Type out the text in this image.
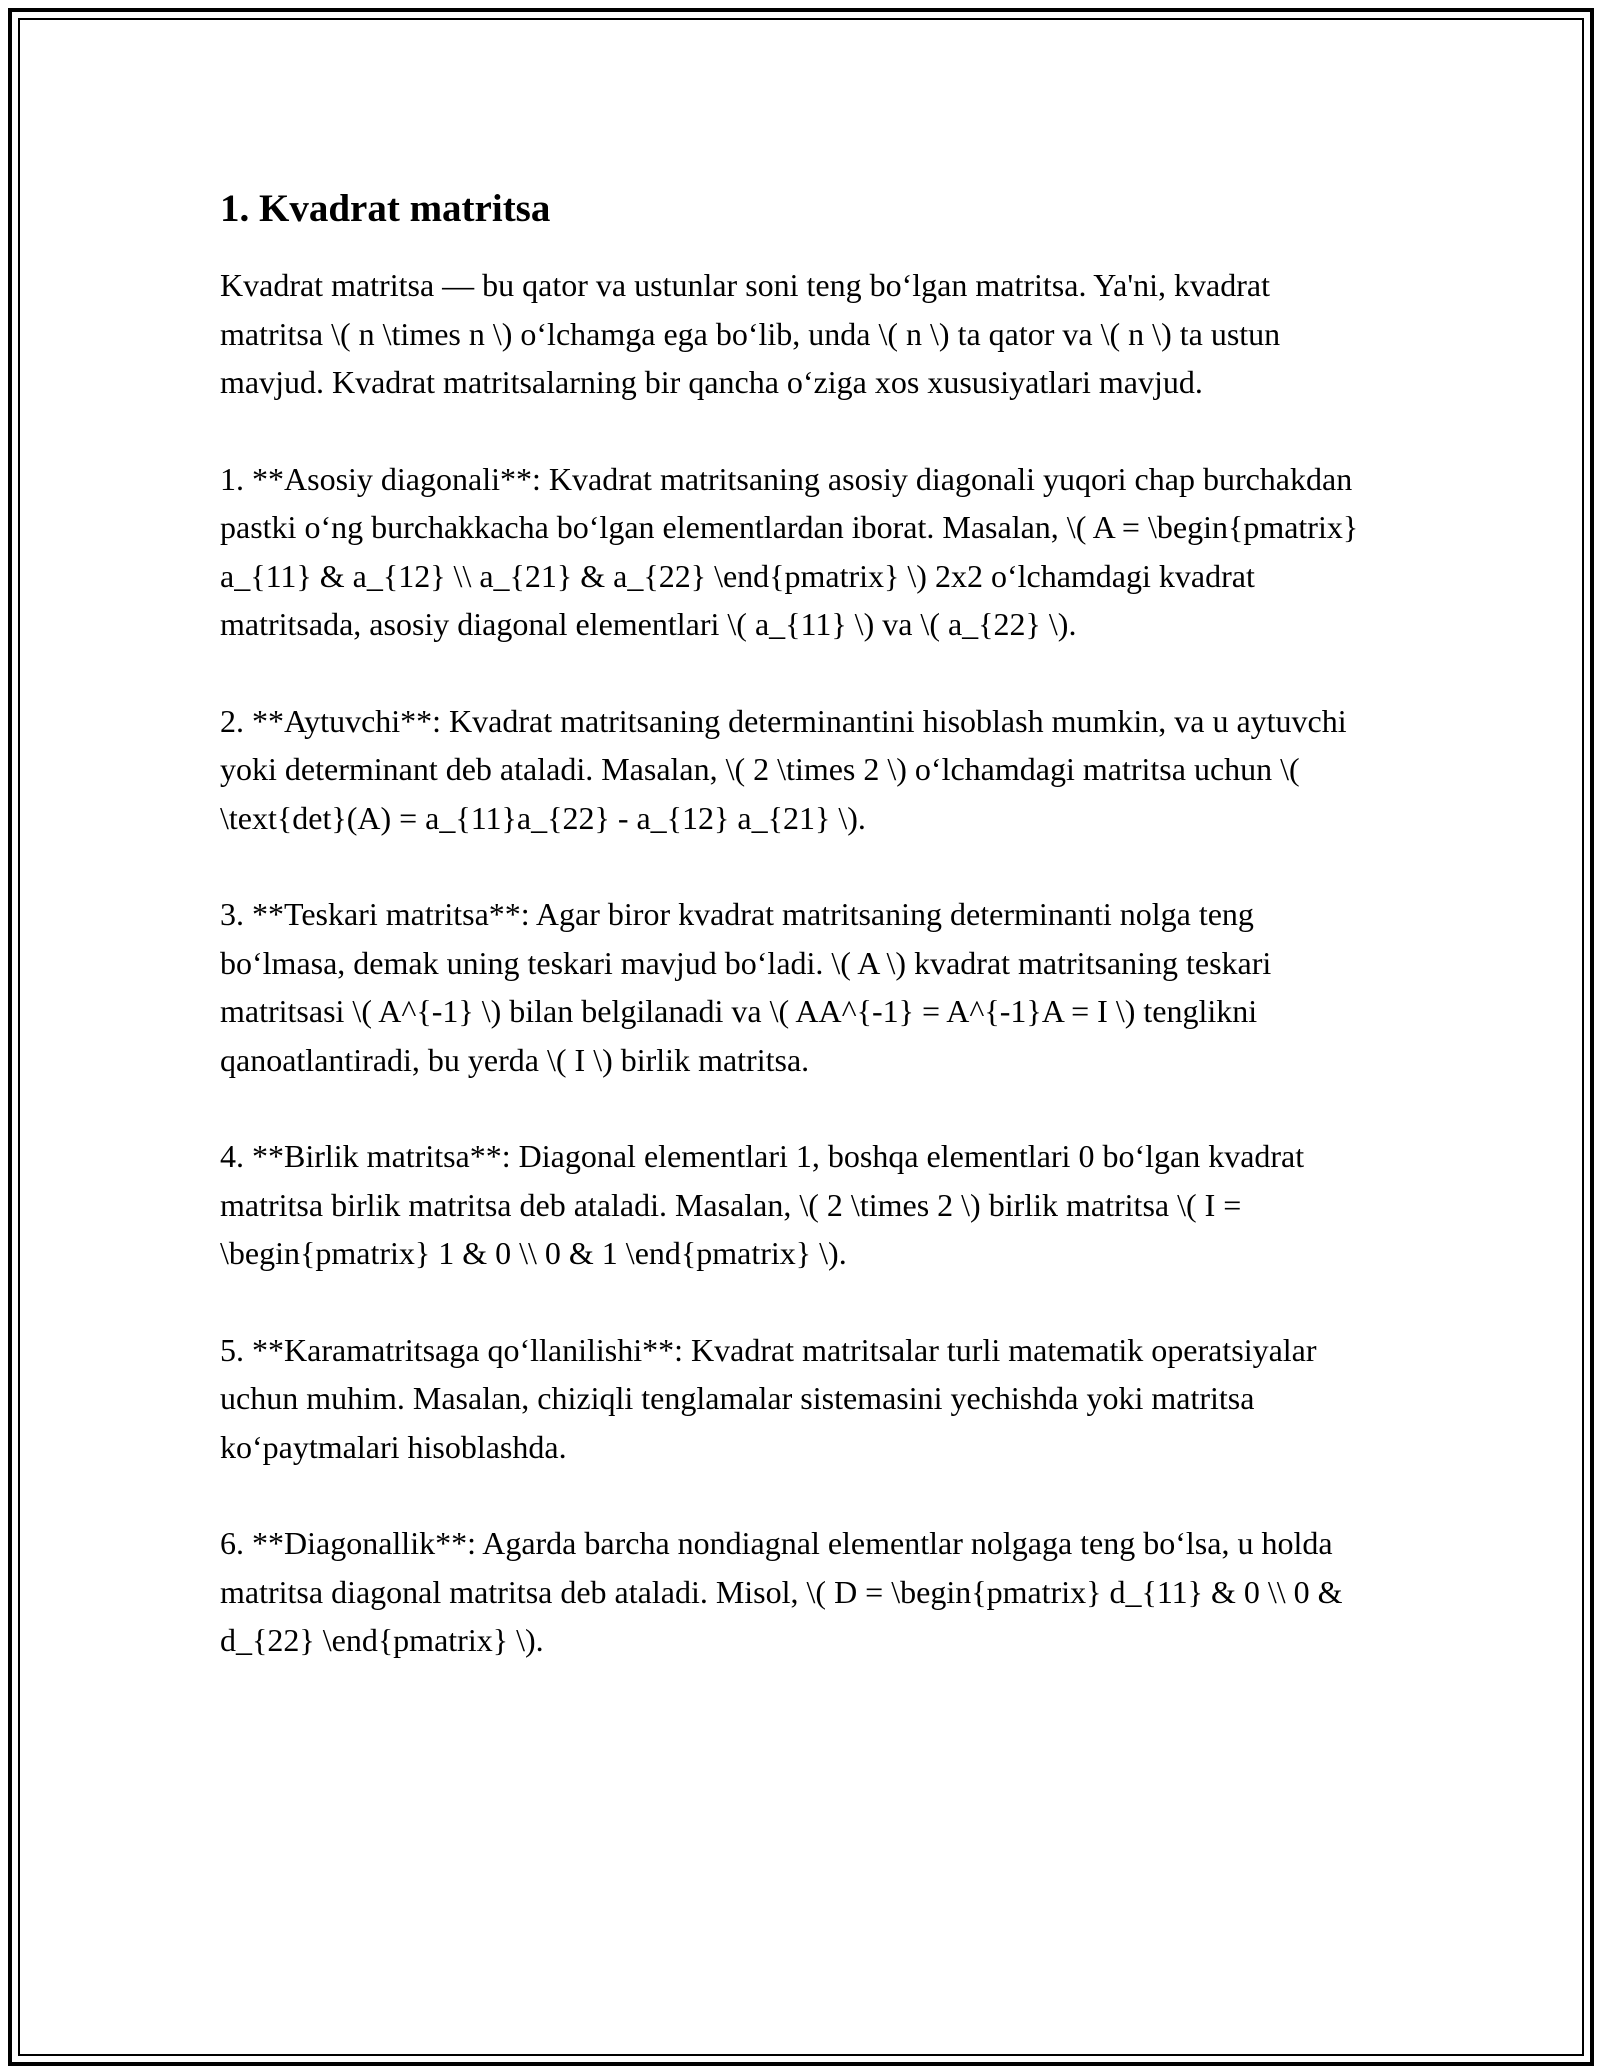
1. Kvadrat matritsa

Kvadrat matritsa — bu qator va ustunlar soni teng bo‘lgan matritsa. Ya'ni, kvadrat matritsa \( n \times n \) o‘lchamga ega bo‘lib, unda \( n \) ta qator va \( n \) ta ustun mavjud. Kvadrat matritsalarning bir qancha o‘ziga xos xususiyatlari mavjud.

1. **Asosiy diagonali**: Kvadrat matritsaning asosiy diagonali yuqori chap burchakdan pastki o‘ng burchakkacha bo‘lgan elementlardan iborat. Masalan, \( A = \begin{pmatrix} a_{11} & a_{12} \\ a_{21} & a_{22} \end{pmatrix} \) 2x2 o‘lchamdagi kvadrat matritsada, asosiy diagonal elementlari \( a_{11} \) va \( a_{22} \).

2. **Aytuvchi**: Kvadrat matritsaning determinantini hisoblash mumkin, va u aytuvchi yoki determinant deb ataladi. Masalan, \( 2 \times 2 \) o‘lchamdagi matritsa uchun \( \text{det}(A) = a_{11}a_{22} - a_{12} a_{21} \).

3. **Teskari matritsa**: Agar biror kvadrat matritsaning determinanti nolga teng bo‘lmasa, demak uning teskari mavjud bo‘ladi. \( A \) kvadrat matritsaning teskari matritsasi \( A^{-1} \) bilan belgilanadi va \( AA^{-1} = A^{-1}A = I \) tenglikni qanoatlantiradi, bu yerda \( I \) birlik matritsa.

4. **Birlik matritsa**: Diagonal elementlari 1, boshqa elementlari 0 bo‘lgan kvadrat matritsa birlik matritsa deb ataladi. Masalan, \( 2 \times 2 \) birlik matritsa \( I = \begin{pmatrix} 1 & 0 \\ 0 & 1 \end{pmatrix} \).

5. **Karamatritsaga qo‘llanilishi**: Kvadrat matritsalar turli matematik operatsiyalar uchun muhim. Masalan, chiziqli tenglamalar sistemasini yechishda yoki matritsa ko‘paytmalari hisoblashda.

6. **Diagonallik**: Agarda barcha nondiagnal elementlar nolgaga teng bo‘lsa, u holda matritsa diagonal matritsa deb ataladi. Misol, \( D = \begin{pmatrix} d_{11} & 0 \\ 0 & d_{22} \end{pmatrix} \).
